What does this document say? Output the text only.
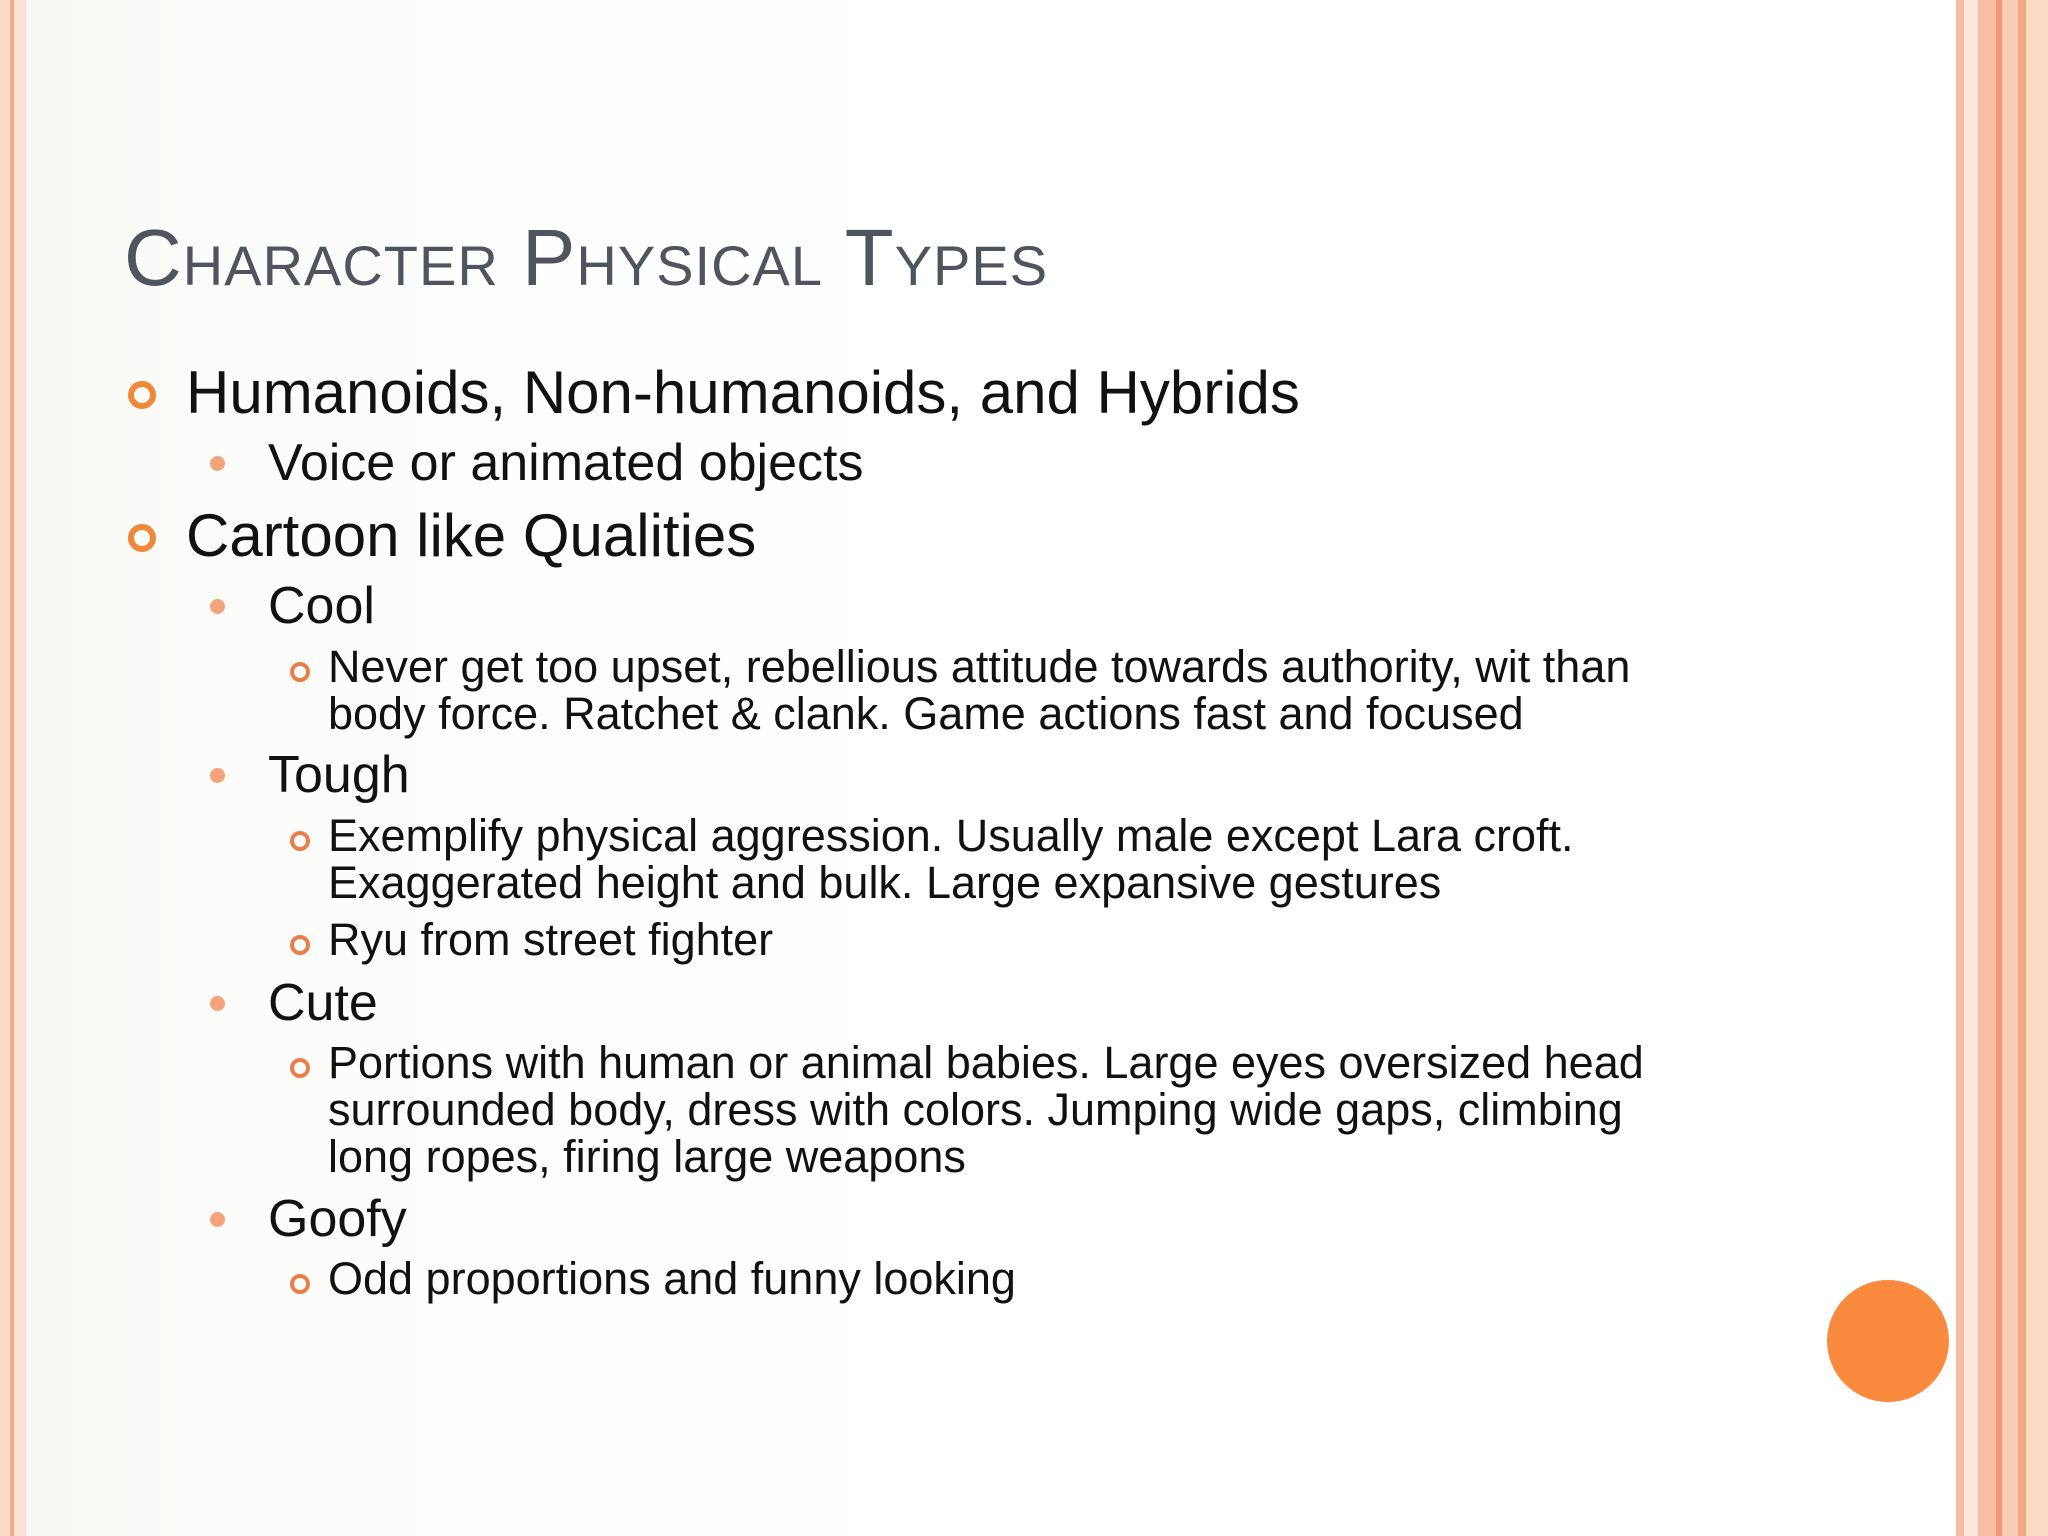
Character Physical Types
Humanoids, Non-humanoids, and Hybrids
Voice or animated objects
Cartoon like Qualities
Cool
Never get too upset, rebellious attitude towards authority, wit than
body force. Ratchet & clank. Game actions fast and focused
Tough
Exemplify physical aggression. Usually male except Lara croft.
Exaggerated height and bulk. Large expansive gestures
Ryu from street fighter
Cute
Portions with human or animal babies. Large eyes oversized head
surrounded body, dress with colors. Jumping wide gaps, climbing
long ropes, firing large weapons
Goofy
Odd proportions and funny looking
